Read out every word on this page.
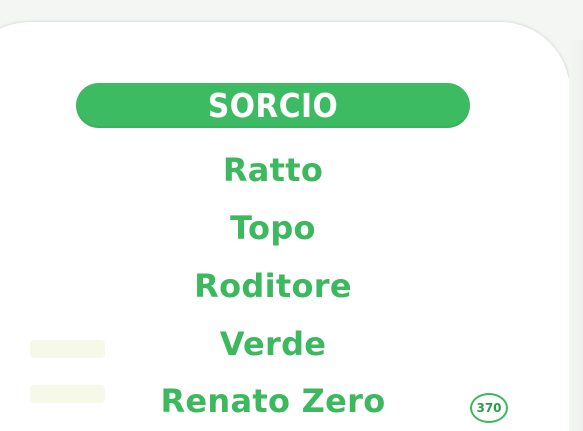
SORCIO
Ratto
Topo
Roditore
Verde
Renato Zero	370
